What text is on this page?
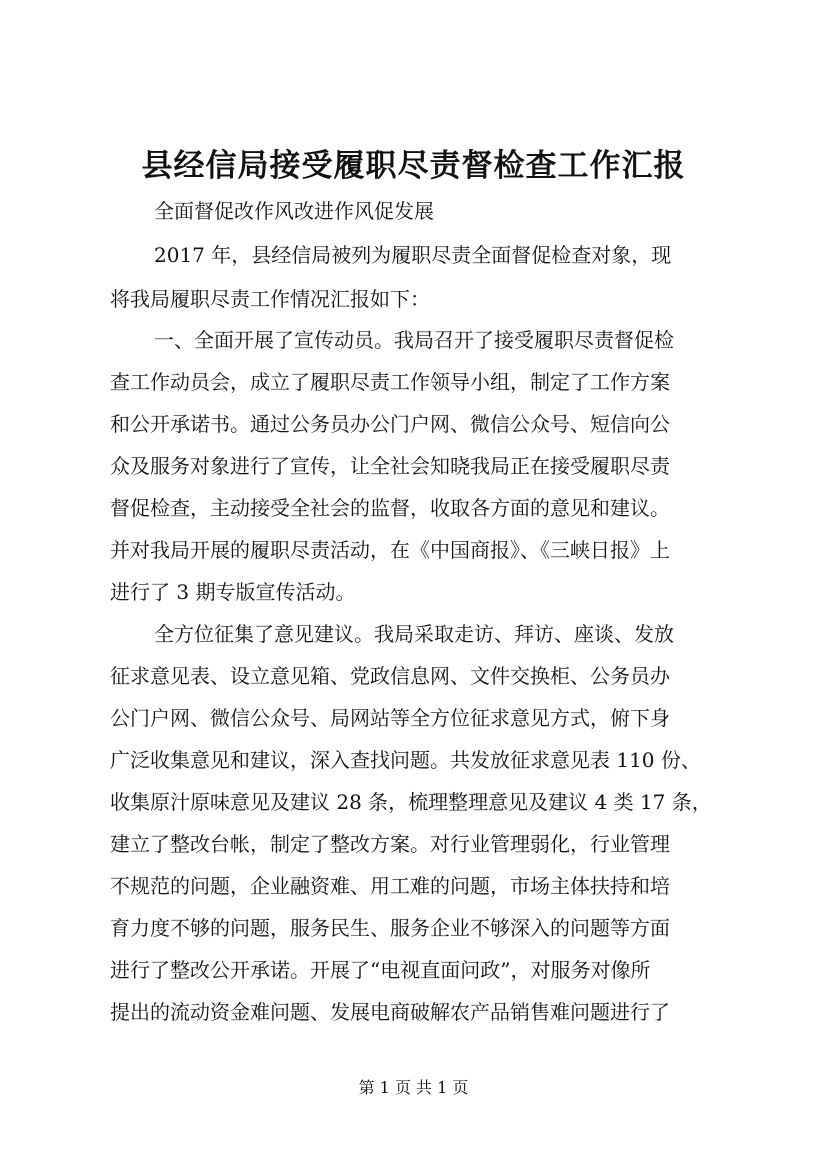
县经信局接受履职尽责督检查工作汇报

全面督促改作风改进作风促发展

2017 年，县经信局被列为履职尽责全面督促检查对象，现

将我局履职尽责工作情况汇报如下：

一、全面开展了宣传动员。我局召开了接受履职尽责督促检

查工作动员会，成立了履职尽责工作领导小组，制定了工作方案

和公开承诺书。通过公务员办公门户网、微信公众号、短信向公

众及服务对象进行了宣传，让全社会知晓我局正在接受履职尽责

督促检查，主动接受全社会的监督，收取各方面的意见和建议。

并对我局开展的履职尽责活动，在《中国商报》、《三峡日报》上

进行了 3 期专版宣传活动。

全方位征集了意见建议。我局采取走访、拜访、座谈、发放

征求意见表、设立意见箱、党政信息网、文件交换柜、公务员办

公门户网、微信公众号、局网站等全方位征求意见方式，俯下身

广泛收集意见和建议，深入查找问题。共发放征求意见表 110 份、

收集原汁原味意见及建议 28 条，梳理整理意见及建议 4 类 17 条，

建立了整改台帐，制定了整改方案。对行业管理弱化，行业管理

不规范的问题，企业融资难、用工难的问题，市场主体扶持和培

育力度不够的问题，服务民生、服务企业不够深入的问题等方面

进行了整改公开承诺。开展了“电视直面问政”，对服务对像所

提出的流动资金难问题、发展电商破解农产品销售难问题进行了

第 1 页 共 1 页
